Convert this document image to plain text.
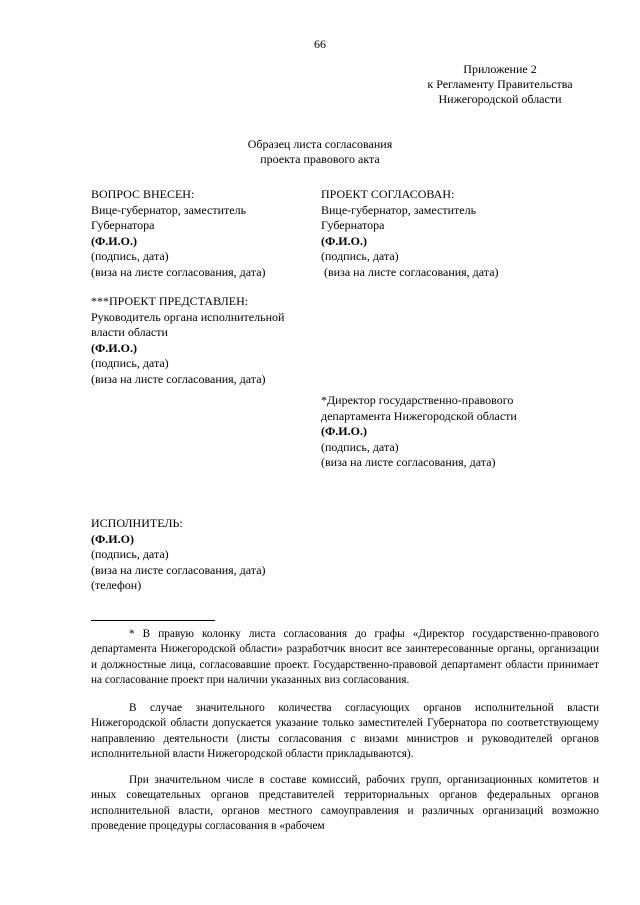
66
Приложение 2
к Регламенту Правительства
Нижегородской области
Образец листа согласования
проекта правового акта
ВОПРОС ВНЕСЕН:
Вице-губернатор, заместитель
Губернатора
(Ф.И.О.)
(подпись, дата)
(виза на листе согласования, дата)
ПРОЕКТ СОГЛАСОВАН:
Вице-губернатор, заместитель
Губернатора
(Ф.И.О.)
(подпись, дата)
(виза на листе согласования, дата)
***ПРОЕКТ ПРЕДСТАВЛЕН:
Руководитель органа исполнительной
власти области
(Ф.И.О.)
(подпись, дата)
(виза на листе согласования, дата)
*Директор государственно-правового
департамента Нижегородской области
(Ф.И.О.)
(подпись, дата)
(виза на листе согласования, дата)
ИСПОЛНИТЕЛЬ:
(Ф.И.О)
(подпись, дата)
(виза на листе согласования, дата)
(телефон)

* В правую колонку листа согласования до графы «Директор государственно-правового департамента Нижегородской области» разработчик вносит все заинтересованные органы, организации и должностные лица, согласовавшие проект. Государственно-правовой департамент области принимает на согласование проект при наличии указанных виз согласования.

В случае значительного количества согласующих органов исполнительной власти Нижегородской области допускается указание только заместителей Губернатора по соответствующему направлению деятельности (листы согласования с визами министров и руководителей органов исполнительной власти Нижегородской области прикладываются).

При значительном числе в составе комиссий, рабочих групп, организационных комитетов и иных совещательных органов представителей территориальных органов федеральных органов исполнительной власти, органов местного самоуправления и различных организаций возможно проведение процедуры согласования в «рабочем
